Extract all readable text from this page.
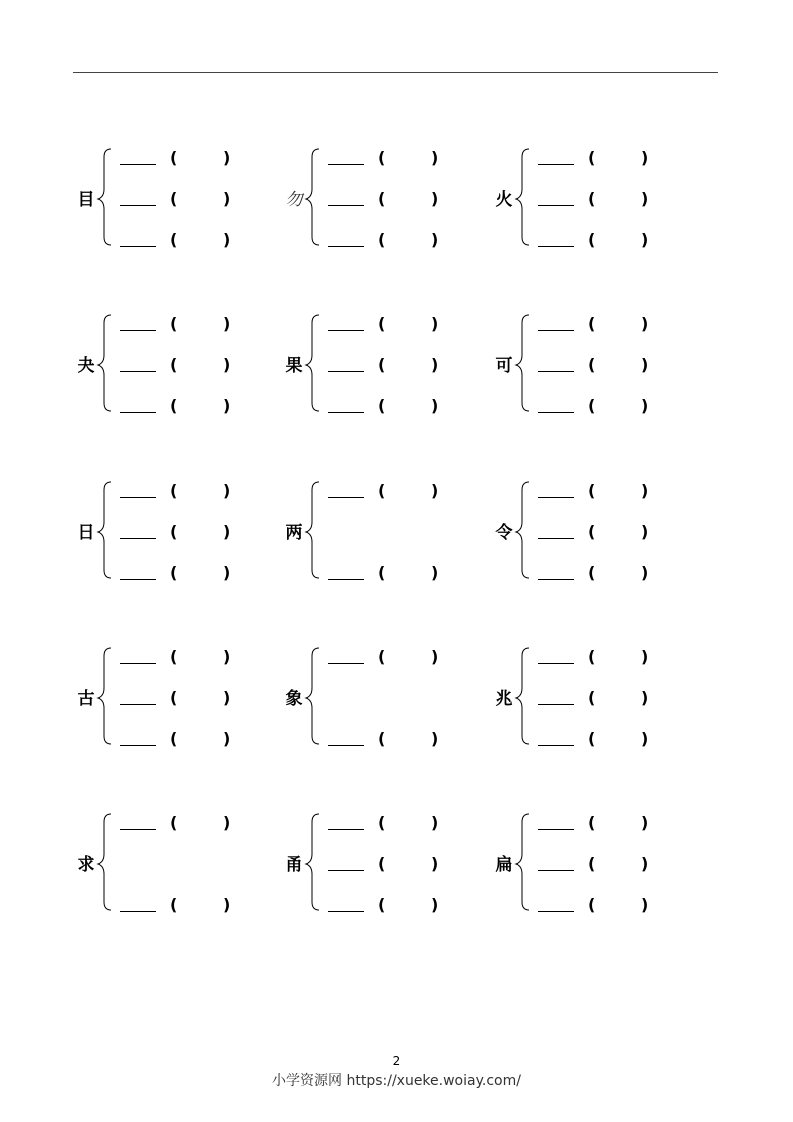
目
(	)
(	)
(	)
勿
(	)
(	)
(	)
火
(	)
(	)
(	)
夬
(	)
(	)
(	)
果
(	)
(	)
(	)
可
(	)
(	)
(	)
日
(	)
(	)
(	)
两
(	)
(	)
令
(	)
(	)
(	)
古
(	)
(	)
(	)
象
(	)
(	)
兆
(	)
(	)
(	)
求
(	)
(	)
甬
(	)
(	)
(	)
扁
(	)
(	)
(	)
2
小学资源网 https://xueke.woiay.com/
